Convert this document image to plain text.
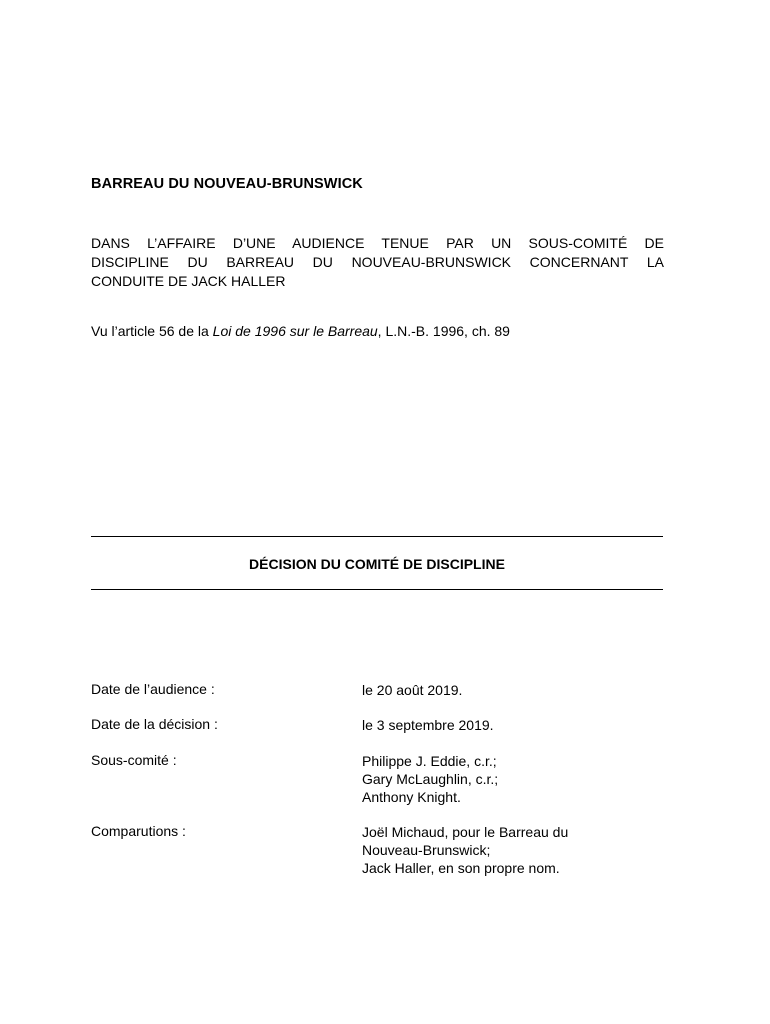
BARREAU DU NOUVEAU-BRUNSWICK
DANS L’AFFAIRE D’UNE AUDIENCE TENUE PAR UN SOUS-COMITÉ DE
DISCIPLINE DU BARREAU DU NOUVEAU-BRUNSWICK CONCERNANT LA
CONDUITE DE JACK HALLER
Vu l’article 56 de la Loi de 1996 sur le Barreau, L.N.-B. 1996, ch. 89
DÉCISION DU COMITÉ DE DISCIPLINE
Date de l’audience :	le 20 août 2019.
Date de la décision :	le 3 septembre 2019.
Sous-comité :	Philippe J. Eddie, c.r.;
Gary McLaughlin, c.r.;
Anthony Knight.
Comparutions :	Joël Michaud, pour le Barreau du
Nouveau-Brunswick;
Jack Haller, en son propre nom.
